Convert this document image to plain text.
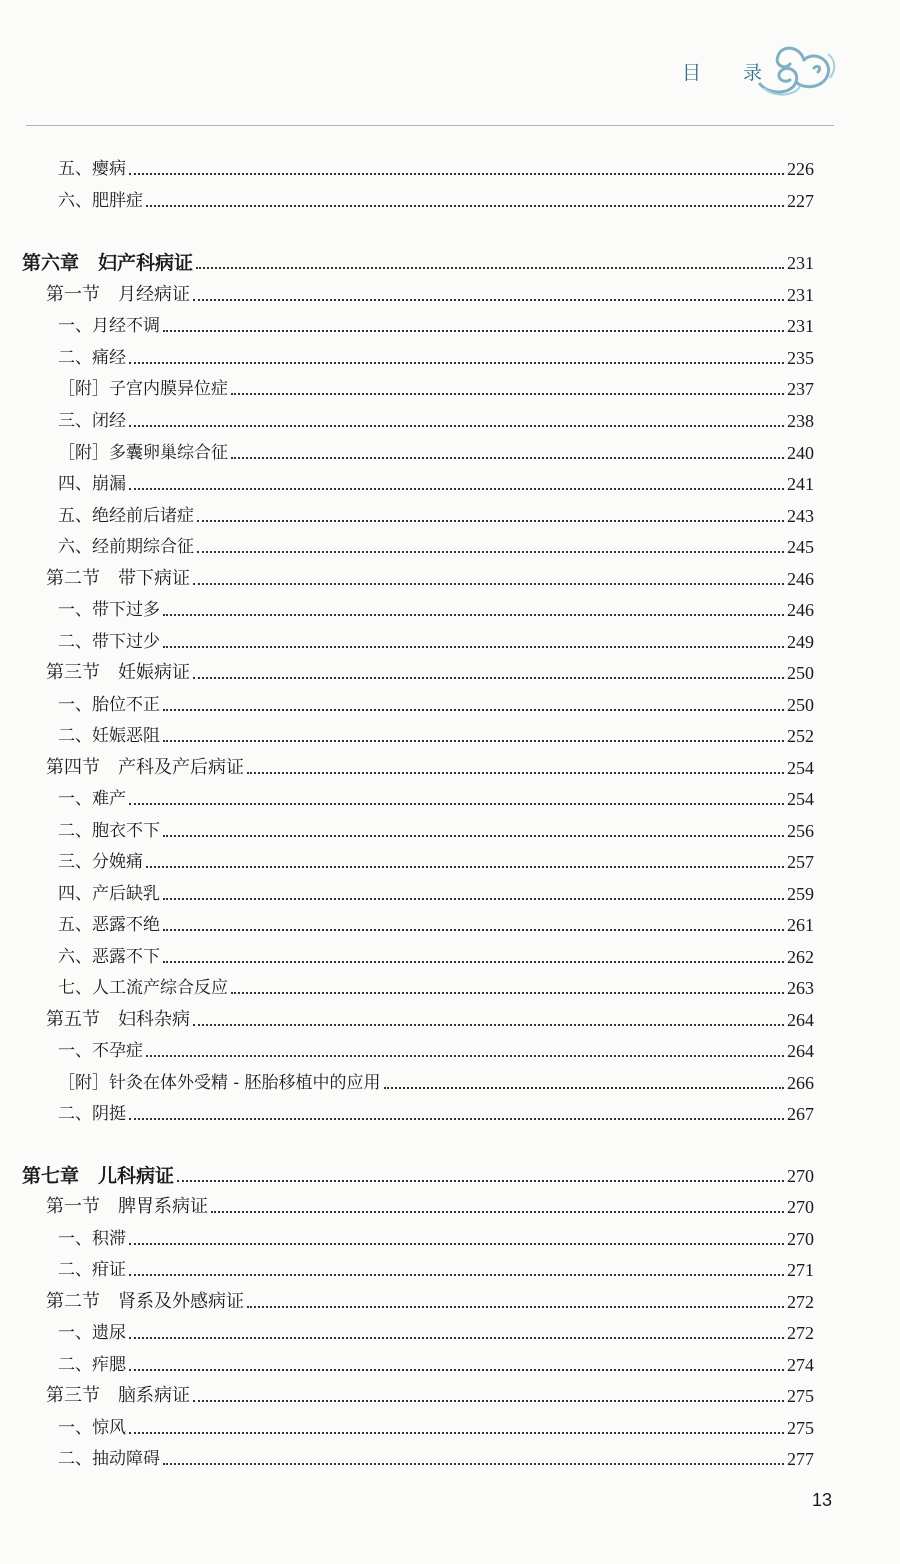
目 录
五、瘿病	226
六、肥胖症	227
第六章　妇产科病证	231
第一节　月经病证	231
一、月经不调	231
二、痛经	235
［附］子宫内膜异位症	237
三、闭经	238
［附］多囊卵巢综合征	240
四、崩漏	241
五、绝经前后诸症	243
六、经前期综合征	245
第二节　带下病证	246
一、带下过多	246
二、带下过少	249
第三节　妊娠病证	250
一、胎位不正	250
二、妊娠恶阻	252
第四节　产科及产后病证	254
一、难产	254
二、胞衣不下	256
三、分娩痛	257
四、产后缺乳	259
五、恶露不绝	261
六、恶露不下	262
七、人工流产综合反应	263
第五节　妇科杂病	264
一、不孕症	264
［附］针灸在体外受精 - 胚胎移植中的应用	266
二、阴挺	267
第七章　儿科病证	270
第一节　脾胃系病证	270
一、积滞	270
二、疳证	271
第二节　肾系及外感病证	272
一、遗尿	272
二、痄腮	274
第三节　脑系病证	275
一、惊风	275
二、抽动障碍	277
13
